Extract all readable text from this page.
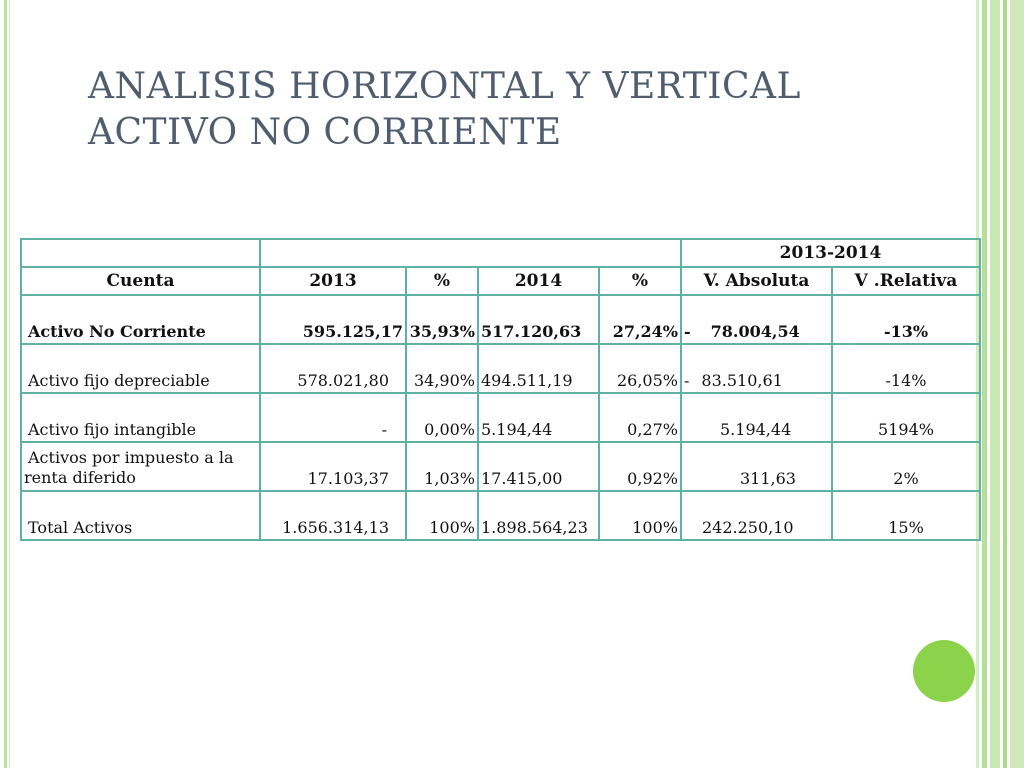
ANALISIS HORIZONTAL Y VERTICAL
ACTIVO NO CORRIENTE
					2013-2014	
Cuenta	2013	%	2014	%	V. Absoluta	V .Relativa
Activo No Corriente	595.125,17	35,93%	517.120,63	27,24%	- 78.004,54	-13%
Activo fijo depreciable	578.021,80	34,90%	494.511,19	26,05%	- 83.510,61	-14%
Activo fijo intangible	-	0,00%	5.194,44	0,27%	5.194,44	5194%

Activos por impuesto a la
renta diferido	17.103,37	1,03%	17.415,00	0,92%	311,63	2%
Total Activos	1.656.314,13	100%	1.898.564,23	100%	242.250,10	15%
